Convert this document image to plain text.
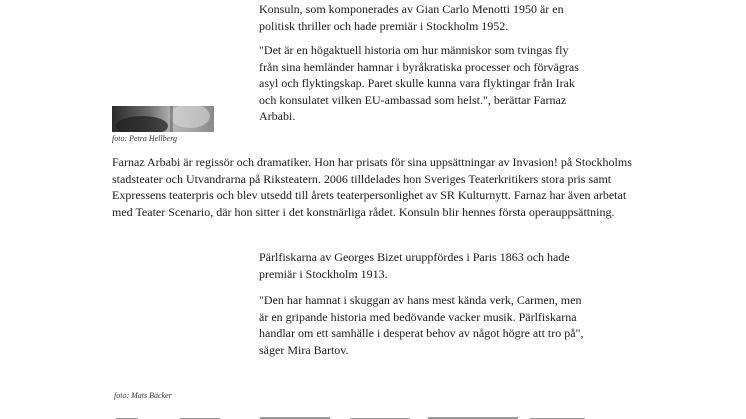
Konsuln, som komponerades av Gian Carlo Menotti 1950 är en
politisk thriller och hade premiär i Stockholm 1952.
"Det är en högaktuell historia om hur människor som tvingas fly
från sina hemländer hamnar i byråkratiska processer och förvägras
asyl och flyktingskap. Paret skulle kunna vara flyktingar från Irak
och konsulatet vilken EU-ambassad som helst.", berättar Farnaz
Arbabi.
foto: Petra Hellberg
Farnaz Arbabi är regissör och dramatiker. Hon har prisats för sina uppsättningar av Invasion! på Stockholms
stadsteater och Utvandrarna på Riksteatern. 2006 tilldelades hon Sveriges Teaterkritikers stora pris samt
Expressens teaterpris och blev utsedd till årets teaterpersonlighet av SR Kulturnytt. Farnaz har även arbetat
med Teater Scenario, där hon sitter i det konstnärliga rådet. Konsuln blir hennes första operauppsättning.
Pärlfiskarna av Georges Bizet uruppfördes i Paris 1863 och hade
premiär i Stockholm 1913.
"Den har hamnat i skuggan av hans mest kända verk, Carmen, men
är en gripande historia med bedövande vacker musik. Pärlfiskarna
handlar om ett samhälle i desperat behov av något högre att tro på",
säger Mira Bartov.
foto: Mats Bäcker
